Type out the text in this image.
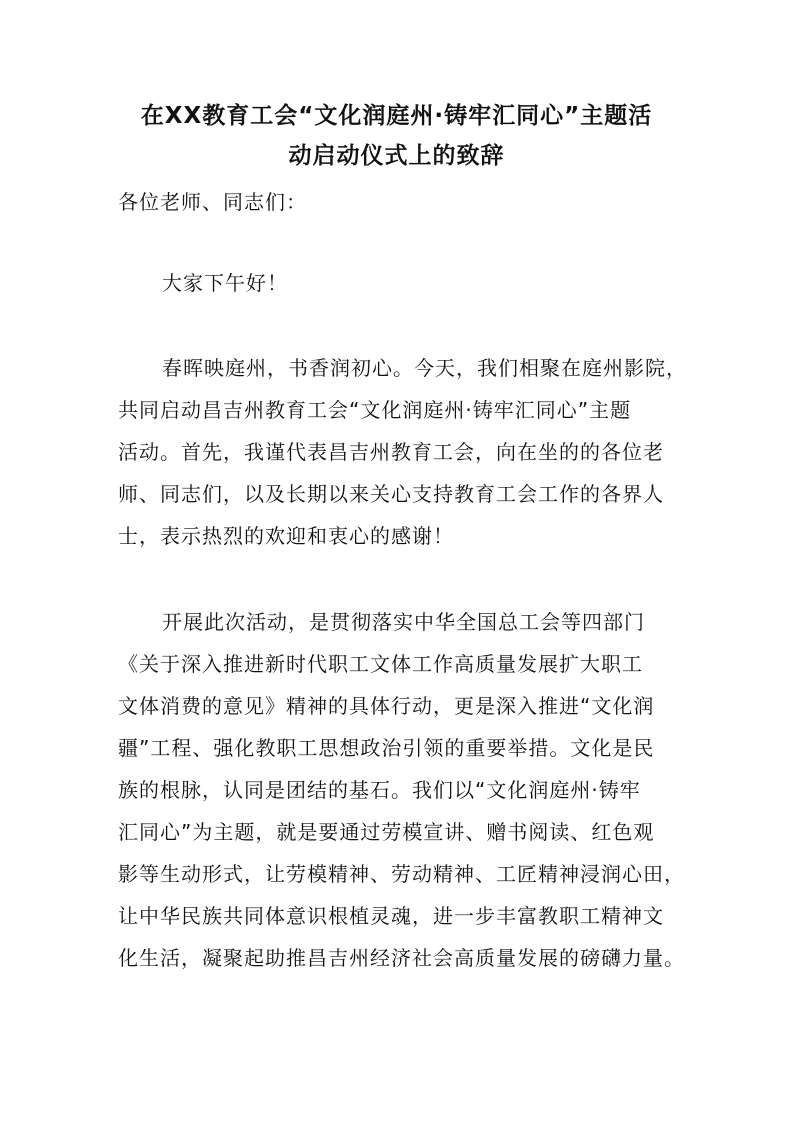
在XX教育工会“文化润庭州·铸牢汇同心”主题活
动启动仪式上的致辞
各位老师、同志们：
大家下午好！
春晖映庭州，书香润初心。今天，我们相聚在庭州影院，
共同启动昌吉州教育工会“文化润庭州·铸牢汇同心”主题
活动。首先，我谨代表昌吉州教育工会，向在坐的的各位老
师、同志们，以及长期以来关心支持教育工会工作的各界人
士，表示热烈的欢迎和衷心的感谢！
开展此次活动，是贯彻落实中华全国总工会等四部门
《关于深入推进新时代职工文体工作高质量发展扩大职工
文体消费的意见》精神的具体行动，更是深入推进“文化润
疆”工程、强化教职工思想政治引领的重要举措。文化是民
族的根脉，认同是团结的基石。我们以“文化润庭州·铸牢
汇同心”为主题，就是要通过劳模宣讲、赠书阅读、红色观
影等生动形式，让劳模精神、劳动精神、工匠精神浸润心田，
让中华民族共同体意识根植灵魂，进一步丰富教职工精神文
化生活，凝聚起助推昌吉州经济社会高质量发展的磅礴力量。
